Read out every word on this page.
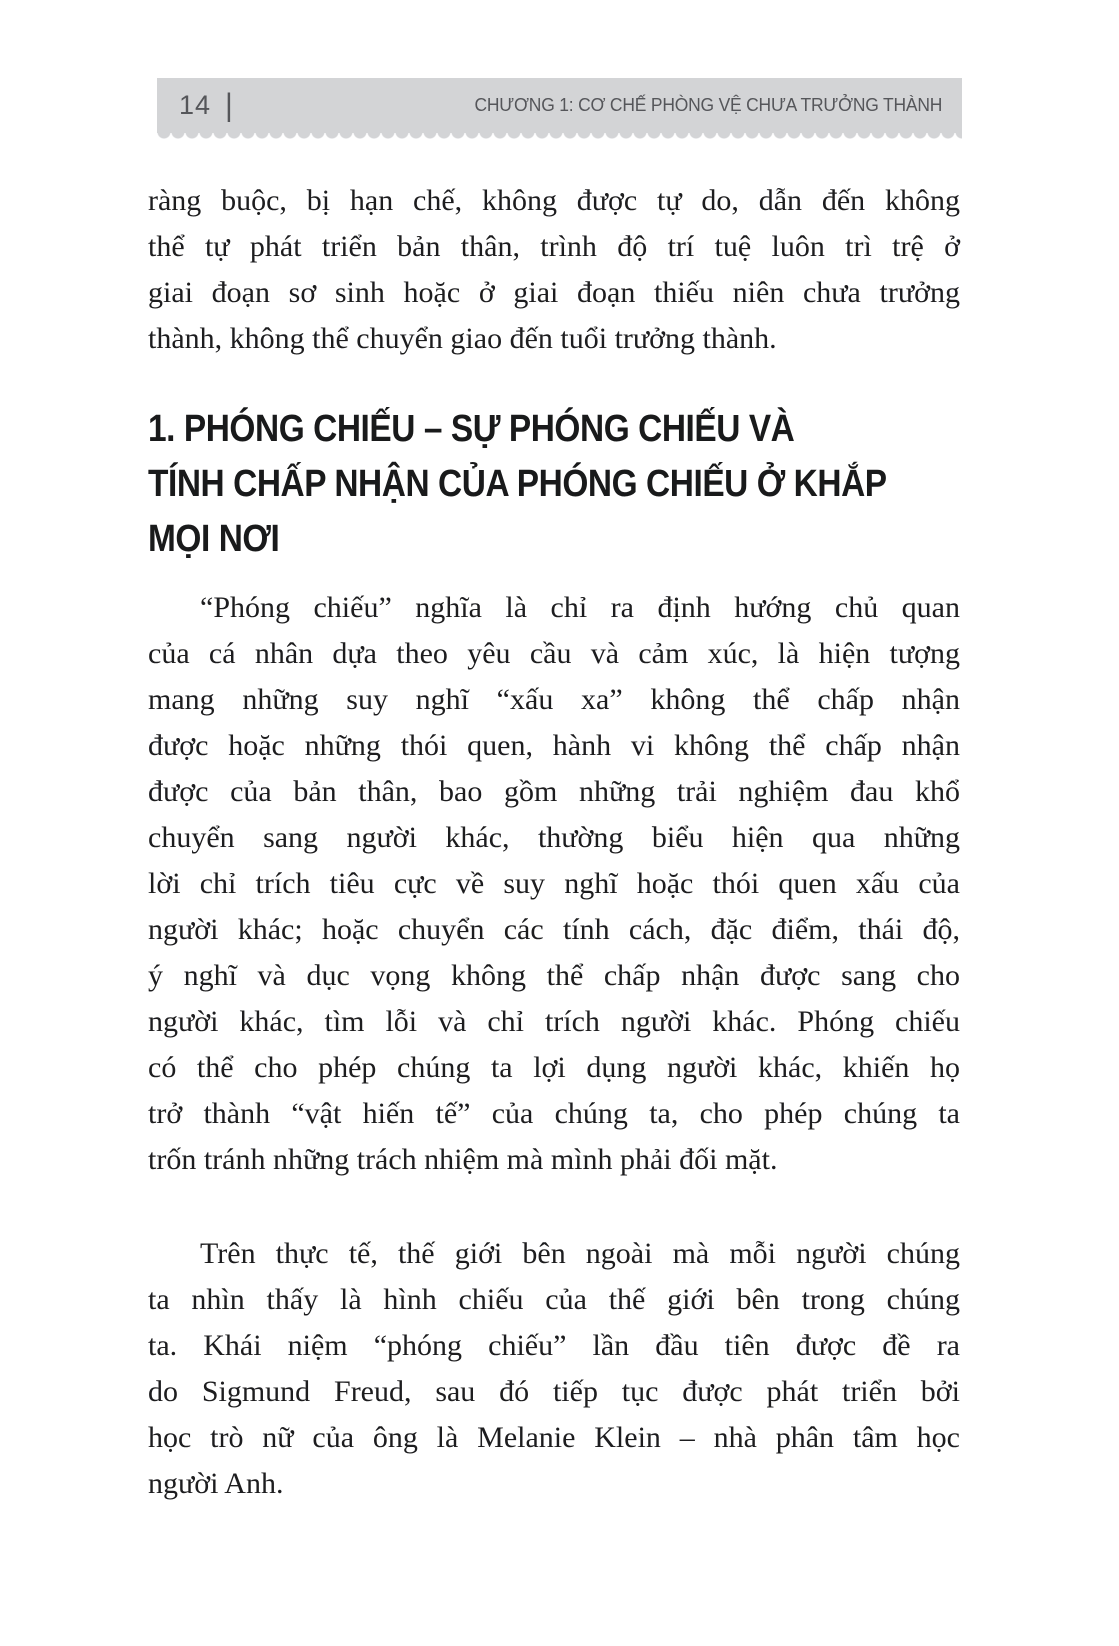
14 |	CHƯƠNG 1: CƠ CHẾ PHÒNG VỆ CHƯA TRƯỞNG THÀNH
ràng buộc, bị hạn chế, không được tự do, dẫn đến không
thể tự phát triển bản thân, trình độ trí tuệ luôn trì trệ ở
giai đoạn sơ sinh hoặc ở giai đoạn thiếu niên chưa trưởng
thành, không thể chuyển giao đến tuổi trưởng thành.
1. PHÓNG CHIẾU – SỰ PHÓNG CHIẾU VÀ
TÍNH CHẤP NHẬN CỦA PHÓNG CHIẾU Ở KHẮP
MỌI NƠI
“Phóng chiếu” nghĩa là chỉ ra định hướng chủ quan
của cá nhân dựa theo yêu cầu và cảm xúc, là hiện tượng
mang những suy nghĩ “xấu xa” không thể chấp nhận
được hoặc những thói quen, hành vi không thể chấp nhận
được của bản thân, bao gồm những trải nghiệm đau khổ
chuyển sang người khác, thường biểu hiện qua những
lời chỉ trích tiêu cực về suy nghĩ hoặc thói quen xấu của
người khác; hoặc chuyển các tính cách, đặc điểm, thái độ,
ý nghĩ và dục vọng không thể chấp nhận được sang cho
người khác, tìm lỗi và chỉ trích người khác. Phóng chiếu
có thể cho phép chúng ta lợi dụng người khác, khiến họ
trở thành “vật hiến tế” của chúng ta, cho phép chúng ta
trốn tránh những trách nhiệm mà mình phải đối mặt.
Trên thực tế, thế giới bên ngoài mà mỗi người chúng
ta nhìn thấy là hình chiếu của thế giới bên trong chúng
ta. Khái niệm “phóng chiếu” lần đầu tiên được đề ra
do Sigmund Freud, sau đó tiếp tục được phát triển bởi
học trò nữ của ông là Melanie Klein – nhà phân tâm học
người Anh.
